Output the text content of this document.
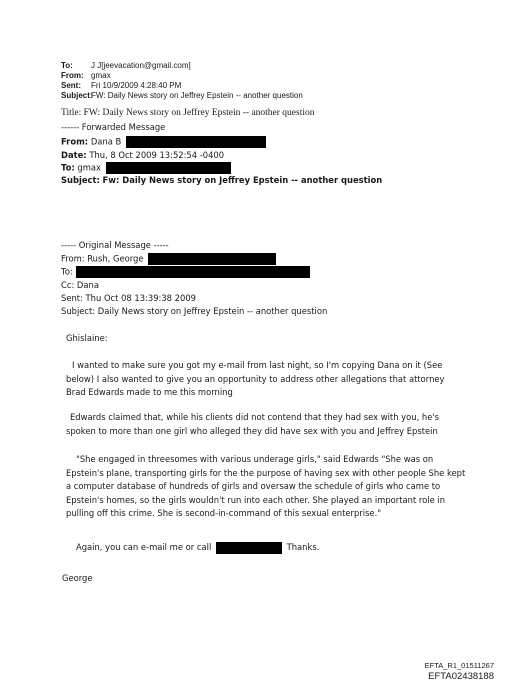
To: J J[jeevacation@gmail.com]
From: gmax
Sent: Fri 10/9/2009 4:28:40 PM
Subject:FW: Daily News story on Jeffrey Epstein -- another question
Title: FW: Daily News story on Jeffrey Epstein -- another question
------ Forwarded Message
From: Dana B
Date: Thu, 8 Oct 2009 13:52:54 -0400
To: gmax
Subject: Fw: Daily News story on Jeffrey Epstein -- another question
----- Original Message -----
From: Rush, George
To:
Cc: Dana
Sent: Thu Oct 08 13:39:38 2009
Subject: Daily News story on Jeffrey Epstein -- another question
Ghislaine:
I wanted to make sure you got my e-mail from last night, so I'm copying Dana on it (See below) I also wanted to give you an opportunity to address other allegations that attorney Brad Edwards made to me this morning
Edwards claimed that, while his clients did not contend that they had sex with you, he's spoken to more than one girl who alleged they did have sex with you and Jeffrey Epstein
"She engaged in threesomes with various underage girls," said Edwards "She was on Epstein's plane, transporting girls for the the purpose of having sex with other people She kept a computer database of hundreds of girls and oversaw the schedule of girls who came to Epstein's homes, so the girls wouldn't run into each other. She played an important role in pulling off this crime. She is second-in-command of this sexual enterprise."
Again, you can e-mail me or call	Thanks.
George
EFTA_R1_01511267
EFTA02438188
